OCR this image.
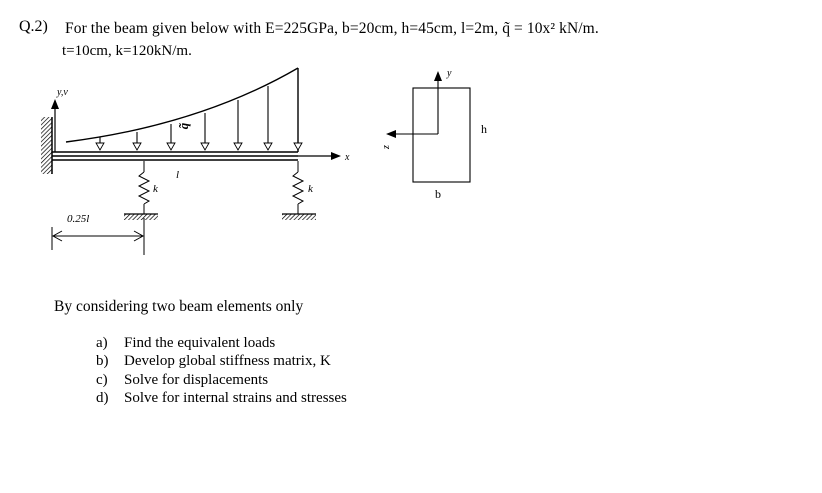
Q.2) For the beam given below with E=225GPa, b=20cm, h=45cm, l=2m, q̃ = 10x² kN/m.
t=10cm, k=120kN/m.
y,v
x
q̃
l
k	k
0.25l
y
z
h
b
By considering two beam elements only
a) Find the equivalent loads
b) Develop global stiffness matrix, K
c) Solve for displacements
d) Solve for internal strains and stresses
